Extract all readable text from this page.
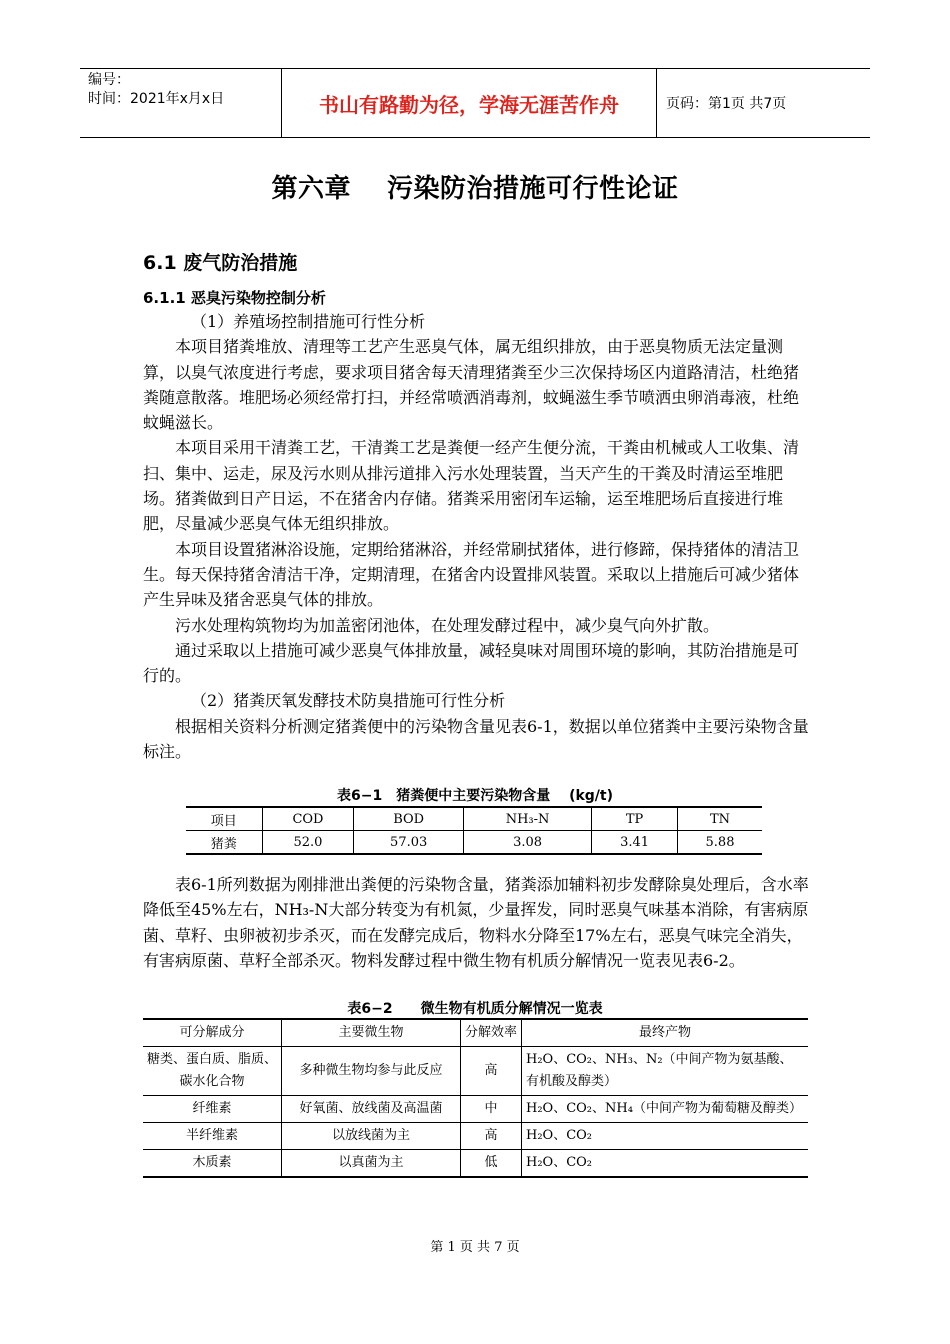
编号：
时间：2021年x月x日	书山有路勤为径，学海无涯苦作舟	页码：第1页 共7页
第六章　 污染防治措施可行性论证
6.1 废气防治措施
6.1.1 恶臭污染物控制分析
（1）养殖场控制措施可行性分析
本项目猪粪堆放、清理等工艺产生恶臭气体，属无组织排放，由于恶臭物质无法定量测算，以臭气浓度进行考虑，要求项目猪舍每天清理猪粪至少三次保持场区内道路清洁，杜绝猪粪随意散落。堆肥场必须经常打扫，并经常喷洒消毒剂，蚊蝇滋生季节喷洒虫卵消毒液，杜绝蚊蝇滋长。
本项目采用干清粪工艺，干清粪工艺是粪便一经产生便分流，干粪由机械或人工收集、清扫、集中、运走，尿及污水则从排污道排入污水处理装置，当天产生的干粪及时清运至堆肥场。猪粪做到日产日运，不在猪舍内存储。猪粪采用密闭车运输，运至堆肥场后直接进行堆肥，尽量减少恶臭气体无组织排放。
本项目设置猪淋浴设施，定期给猪淋浴，并经常刷拭猪体，进行修蹄，保持猪体的清洁卫生。每天保持猪舍清洁干净，定期清理，在猪舍内设置排风装置。采取以上措施后可减少猪体产生异味及猪舍恶臭气体的排放。
污水处理构筑物均为加盖密闭池体，在处理发酵过程中，减少臭气向外扩散。
通过采取以上措施可减少恶臭气体排放量，减轻臭味对周围环境的影响，其防治措施是可行的。
（2）猪粪厌氧发酵技术防臭措施可行性分析
根据相关资料分析测定猪粪便中的污染物含量见表6-1，数据以单位猪粪中主要污染物含量标注。
表6−1　猪粪便中主要污染物含量　 (kg/t)
项目	COD	BOD	NH₃-N	TP	TN
猪粪	52.0	57.03	3.08	3.41	5.88
表6-1所列数据为刚排泄出粪便的污染物含量，猪粪添加辅料初步发酵除臭处理后，含水率降低至45%左右，NH₃-N大部分转变为有机氮，少量挥发，同时恶臭气味基本消除，有害病原菌、草籽、虫卵被初步杀灭，而在发酵完成后，物料水分降至17%左右，恶臭气味完全消失，有害病原菌、草籽全部杀灭。物料发酵过程中微生物有机质分解情况一览表见表6-2。
表6−2　　微生物有机质分解情况一览表
可分解成分	主要微生物	分解效率	最终产物
糖类、蛋白质、脂质、碳水化合物	多种微生物均参与此反应	高	H₂O、CO₂、NH₃、N₂（中间产物为氨基酸、有机酸及醇类）
纤维素	好氧菌、放线菌及高温菌	中	H₂O、CO₂、NH₄（中间产物为葡萄糖及醇类）
半纤维素	以放线菌为主	高	H₂O、CO₂
木质素	以真菌为主	低	H₂O、CO₂
第 1 页 共 7 页
